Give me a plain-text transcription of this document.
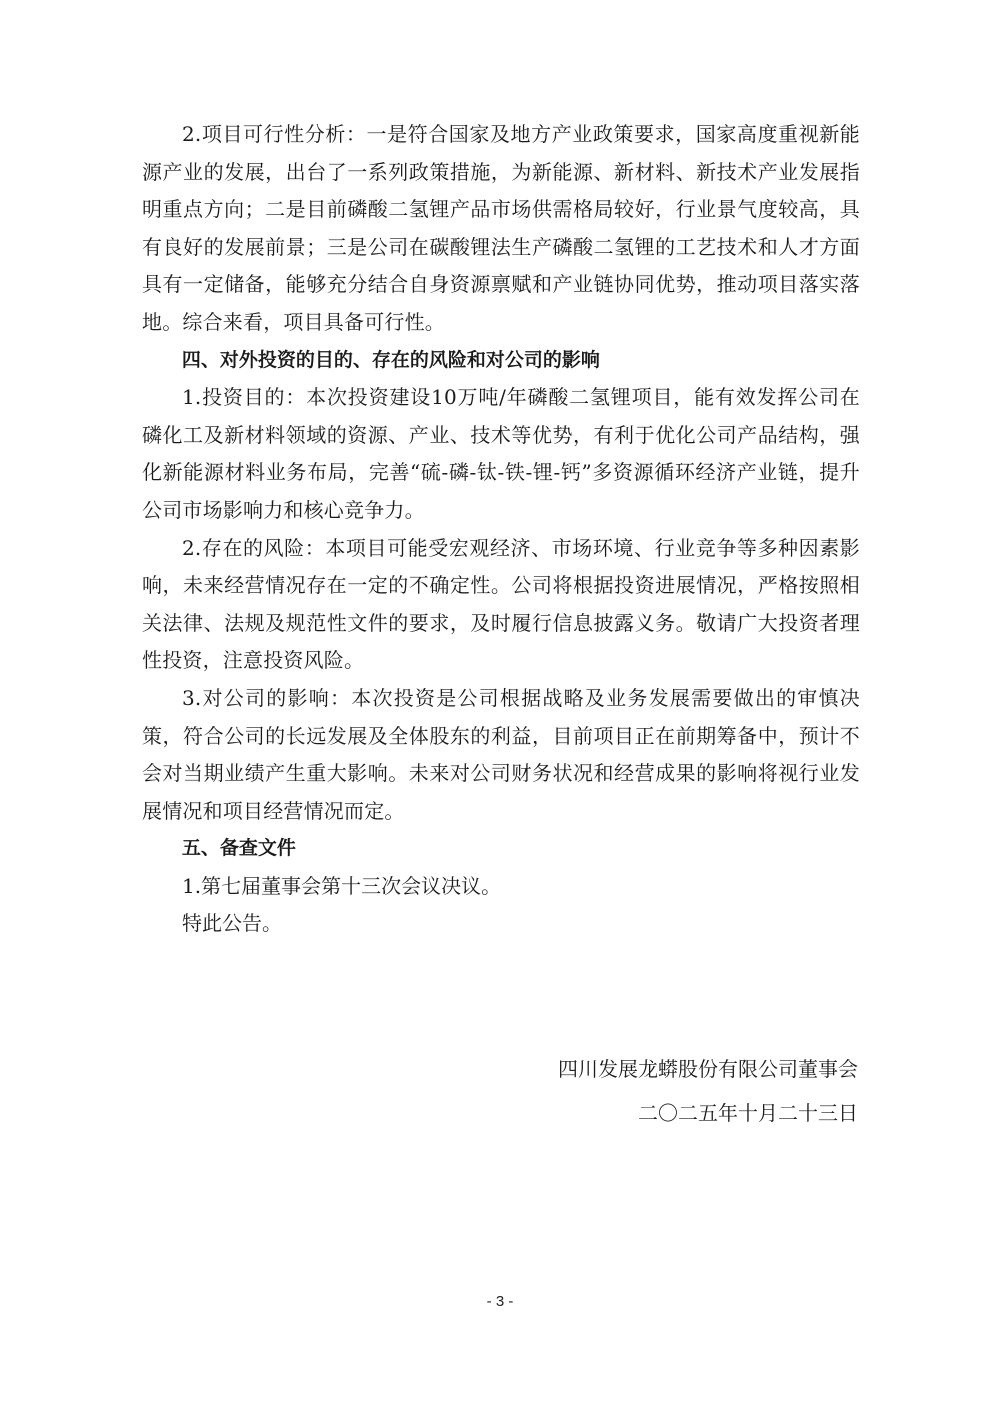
2.项目可行性分析：一是符合国家及地方产业政策要求，国家高度重视新能源产业的发展，出台了一系列政策措施，为新能源、新材料、新技术产业发展指明重点方向；二是目前磷酸二氢锂产品市场供需格局较好，行业景气度较高，具有良好的发展前景；三是公司在碳酸锂法生产磷酸二氢锂的工艺技术和人才方面具有一定储备，能够充分结合自身资源禀赋和产业链协同优势，推动项目落实落地。综合来看，项目具备可行性。

四、对外投资的目的、存在的风险和对公司的影响

1.投资目的：本次投资建设10万吨/年磷酸二氢锂项目，能有效发挥公司在磷化工及新材料领域的资源、产业、技术等优势，有利于优化公司产品结构，强化新能源材料业务布局，完善“硫-磷-钛-铁-锂-钙”多资源循环经济产业链，提升公司市场影响力和核心竞争力。

2.存在的风险：本项目可能受宏观经济、市场环境、行业竞争等多种因素影响，未来经营情况存在一定的不确定性。公司将根据投资进展情况，严格按照相关法律、法规及规范性文件的要求，及时履行信息披露义务。敬请广大投资者理性投资，注意投资风险。

3.对公司的影响：本次投资是公司根据战略及业务发展需要做出的审慎决策，符合公司的长远发展及全体股东的利益，目前项目正在前期筹备中，预计不会对当期业绩产生重大影响。未来对公司财务状况和经营成果的影响将视行业发展情况和项目经营情况而定。

五、备查文件

1.第七届董事会第十三次会议决议。

特此公告。

四川发展龙蟒股份有限公司董事会

二〇二五年十月二十三日

- 3 -
